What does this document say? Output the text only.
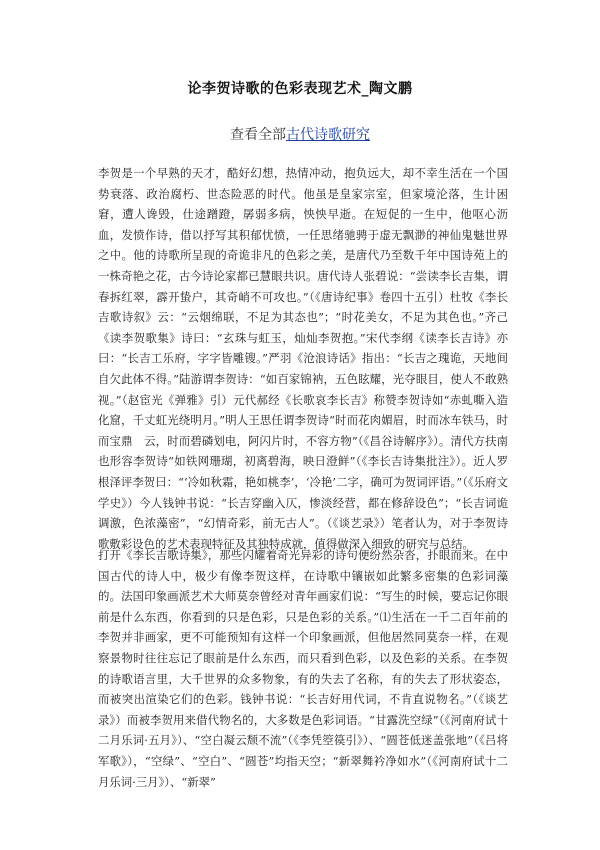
论李贺诗歌的色彩表现艺术_陶文鹏
查看全部古代诗歌研究

李贺是一个早熟的天才，酷好幻想，热情冲动，抱负远大，却不幸生活在一个国势衰落、政治腐朽、世态险恶的时代。他虽是皇家宗室，但家境沦落，生计困窘，遭人谗毁，仕途蹭蹬，孱弱多病，怏怏早逝。在短促的一生中，他呕心沥血，发愤作诗，借以抒写其积郁忧愤，一任思绪驰骋于虚无飘渺的神仙鬼魅世界之中。他的诗歌所呈现的奇诡非凡的色彩之美，是唐代乃至数千年中国诗苑上的一株奇艳之花，古今诗论家都已慧眼共识。唐代诗人张碧说：“尝读李长吉集，谓春拆红翠，霹开蛰户，其奇峭不可攻也。”（《唐诗纪事》卷四十五引）杜牧《李长吉歌诗叙》云：“云烟绵联，不足为其态也”；“时花美女，不足为其色也。”齐己《读李贺歌集》诗曰：“玄珠与虹玉，灿灿李贺抱。”宋代李纲《读李长吉诗》亦曰：“长吉工乐府，字字皆雕锼。”严羽《沧浪诗话》指出：“长吉之瑰诡，天地间自欠此体不得。”陆游谓李贺诗：“如百家锦衲，五色眩耀，光夺眼目，使人不敢熟视。”（赵宦光《弹雅》引）元代郝经《长歌哀李长吉》称赞李贺诗如“赤虬嘶入造化窟，千丈虹光绕明月。”明人王思任谓李贺诗“时而花肉媚眉，时而冰车铁马，时而宝鼎　云，时而碧磷划电，阿闪片时，不容方物”（《昌谷诗解序》）。清代方扶南也形容李贺诗“如铁网珊瑚，初离碧海，映日澄鲜”（《李长吉诗集批注》）。近人罗根泽评李贺曰：“‘冷如秋霜，艳如桃李’，‘冷艳’二字，确可为贺词评语。”（《乐府文学史》）今人钱钟书说：“长吉穿幽入仄，惨淡经营，都在修辞设色”；“长吉词诡调激，色浓藻密”，“幻情奇彩，前无古人”。（《谈艺录》）笔者认为，对于李贺诗歌敷彩设色的艺术表现特征及其独特成就，值得做深入细致的研究与总结。

打开《李长吉歌诗集》，那些闪耀着奇光异彩的诗句便纷然杂沓，扑眼而来。在中国古代的诗人中，极少有像李贺这样，在诗歌中镶嵌如此繁多密集的色彩词藻的。法国印象画派艺术大师莫奈曾经对青年画家们说：“写生的时候，要忘记你眼前是什么东西，你看到的只是色彩，只是色彩的关系。”⑴生活在一千二百年前的李贺并非画家，更不可能预知有这样一个印象画派，但他居然同莫奈一样，在观察景物时往往忘记了眼前是什么东西，而只看到色彩，以及色彩的关系。在李贺的诗歌语言里，大千世界的众多物象，有的失去了名称，有的失去了形状姿态，而被突出渲染它们的色彩。钱钟书说：“长吉好用代词，不肯直说物名。”（《谈艺录》）而被李贺用来借代物名的，大多数是色彩词语。“甘露洗空绿”（《河南府试十二月乐词·五月》）、“空白凝云颓不流”（《李凭箜篌引》）、“圆苍低迷盖张地”（《吕将军歌》），“空绿”、“空白”、“圆苍”均指天空；“新翠舞衿净如水”（《河南府试十二月乐词·三月》）、“新翠”
